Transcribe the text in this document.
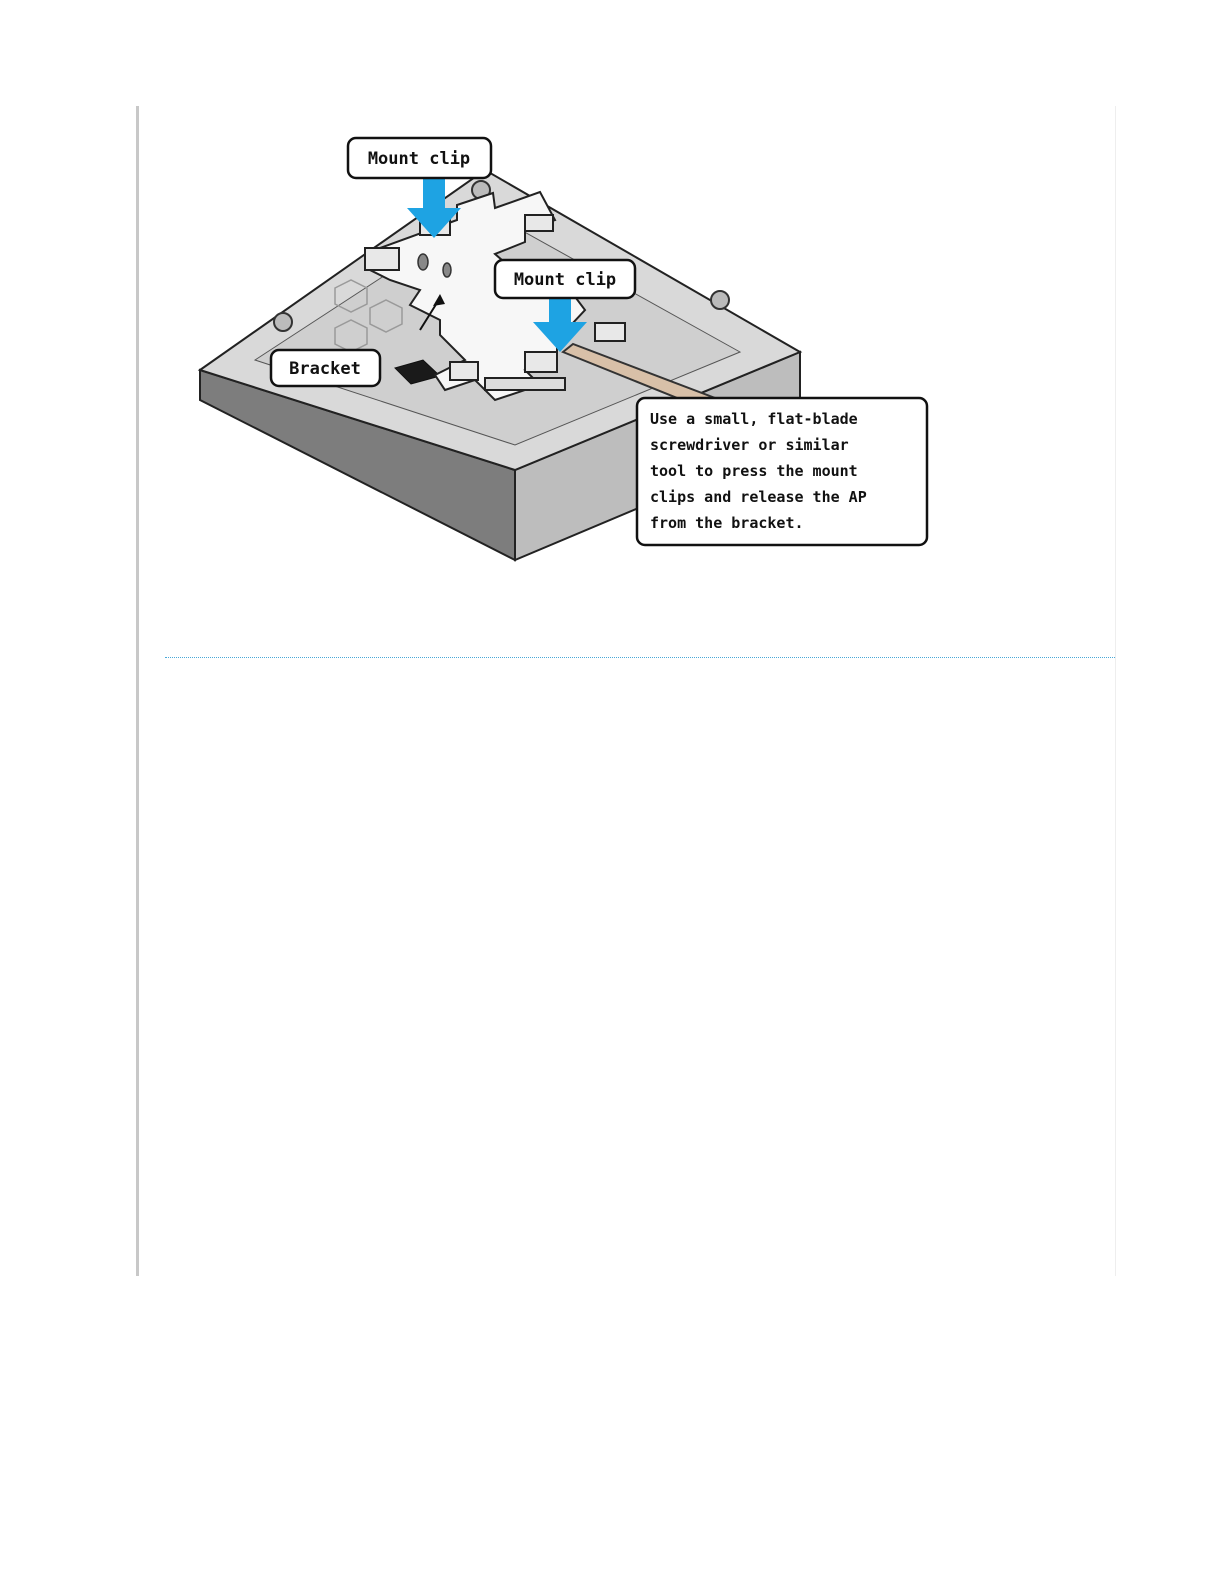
Mount clip
Mount clip
Bracket
Use a small, flat-blade
screwdriver or similar
tool to press the mount
clips and release the AP
from the bracket.
